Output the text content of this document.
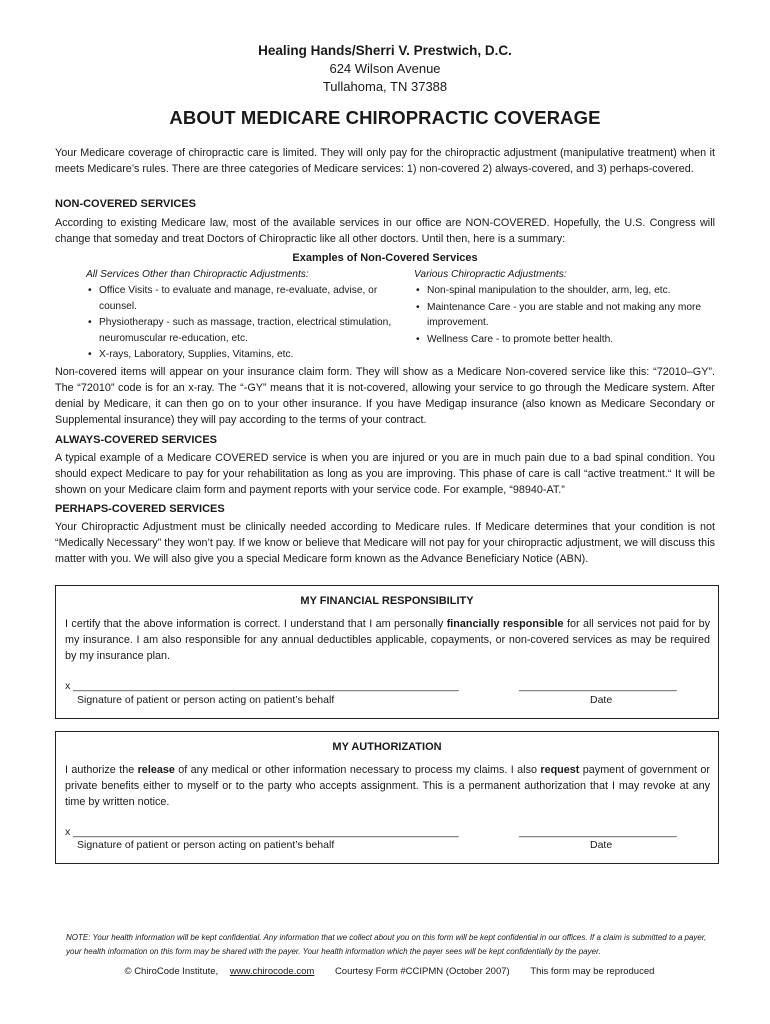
Healing Hands/Sherri V. Prestwich, D.C.
624 Wilson Avenue
Tullahoma, TN 37388
ABOUT MEDICARE CHIROPRACTIC COVERAGE

Your Medicare coverage of chiropractic care is limited. They will only pay for the chiropractic adjustment (manipulative treatment) when it meets Medicare’s rules. There are three categories of Medicare services: 1) non-covered 2) always-covered, and 3) perhaps-covered.

NON-COVERED SERVICES

According to existing Medicare law, most of the available services in our office are NON-COVERED. Hopefully, the U.S. Congress will change that someday and treat Doctors of Chiropractic like all other doctors. Until then, here is a summary:

Examples of Non-Covered Services
All Services Other than Chiropractic Adjustments:
• Office Visits - to evaluate and manage, re-evaluate, advise, or counsel.
• Physiotherapy - such as massage, traction, electrical stimulation, neuromuscular re-education, etc.
• X-rays, Laboratory, Supplies, Vitamins, etc.
Various Chiropractic Adjustments:
• Non-spinal manipulation to the shoulder, arm, leg, etc.
• Maintenance Care - you are stable and not making any more improvement.
• Wellness Care - to promote better health.

Non-covered items will appear on your insurance claim form. They will show as a Medicare Non-covered service like this: “72010–GY”. The “72010” code is for an x-ray. The “-GY” means that it is not-covered, allowing your service to go through the Medicare system. After denial by Medicare, it can then go on to your other insurance. If you have Medigap insurance (also known as Medicare Secondary or Supplemental insurance) they will pay according to the terms of your contract.

ALWAYS-COVERED SERVICES

A typical example of a Medicare COVERED service is when you are injured or you are in much pain due to a bad spinal condition. You should expect Medicare to pay for your rehabilitation as long as you are improving. This phase of care is call “active treatment.“ It will be shown on your Medicare claim form and payment reports with your service code. For example, “98940-AT.”

PERHAPS-COVERED SERVICES

Your Chiropractic Adjustment must be clinically needed according to Medicare rules. If Medicare determines that your condition is not “Medically Necessary” they won’t pay. If we know or believe that Medicare will not pay for your chiropractic adjustment, we will discuss this matter with you. We will also give you a special Medicare form known as the Advance Beneficiary Notice (ABN).

MY FINANCIAL RESPONSIBILITY
I certify that the above information is correct. I understand that I am personally financially responsible for all services not paid for by my insurance. I am also responsible for any annual deductibles applicable, copayments, or non-covered services as may be required by my insurance plan.
x __________________________________________________________________	___________________________
Signature of patient or person acting on patient’s behalf	Date
MY AUTHORIZATION
I authorize the release of any medical or other information necessary to process my claims. I also request payment of government or private benefits either to myself or to the party who accepts assignment. This is a permanent authorization that I may revoke at any time by written notice.
x __________________________________________________________________	___________________________
Signature of patient or person acting on patient’s behalf	Date
NOTE: Your health information will be kept confidential. Any information that we collect about you on this form will be kept confidential in our offices. If a claim is submitted to a payer, your health information on this form may be shared with the payer. Your health information which the payer sees will be kept confidentially by the payer.
© ChiroCode Institute, www.chirocode.com Courtesy Form #CCIPMN (October 2007) This form may be reproduced
